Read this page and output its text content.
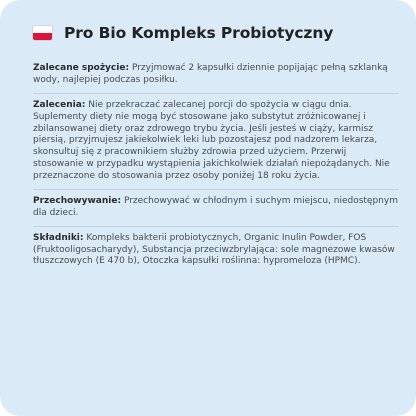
Pro Bio Kompleks Probiotyczny

Zalecane spożycie: Przyjmować 2 kapsułki dziennie popijając pełną szklanką wody, najlepiej podczas posiłku.

Zalecenia: Nie przekraczać zalecanej porcji do spożycia w ciągu dnia. Suplementy diety nie mogą być stosowane jako substytut zróżnicowanej i zbilansowanej diety oraz zdrowego trybu życia. Jeśli jesteś w ciąży, karmisz piersią, przyjmujesz jakiekolwiek leki lub pozostajesz pod nadzorem lekarza, skonsultuj się z pracownikiem służby zdrowia przed użyciem. Przerwij stosowanie w przypadku wystąpienia jakichkolwiek działań niepożądanych. Nie przeznaczone do stosowania przez osoby poniżej 18 roku życia.

Przechowywanie: Przechowywać w chłodnym i suchym miejscu, niedostępnym dla dzieci.

Składniki: Kompleks bakterii probiotycznych, Organic Inulin Powder, FOS (Fruktooligosacharydy), Substancja przeciwzbrylająca: sole magnezowe kwasów tłuszczowych (E 470 b), Otoczka kapsułki roślinna: hypromeloza (HPMC).
